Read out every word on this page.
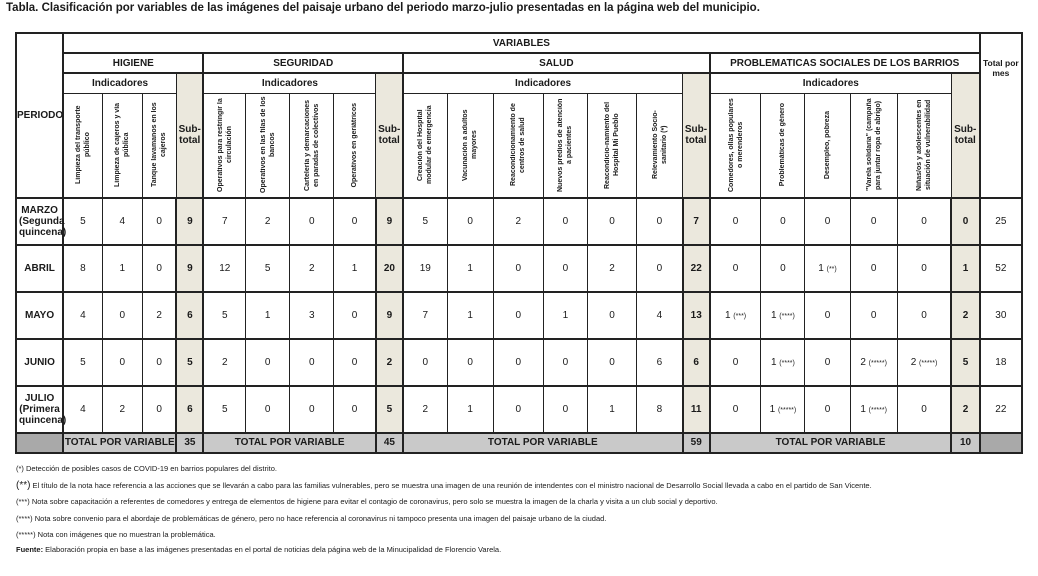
Tabla. Clasificación por variables de las imágenes del paisaje urbano del periodo marzo-julio presentadas en la página web del municipio.
PERIODO	VARIABLES																						Total por mes
	HIGIENE				SEGURIDAD					SALUD							PROBLEMATICAS SOCIALES DE LOS BARRIOS						
	Indicadores			Sub- total	Indicadores				Sub- total	Indicadores						Sub- total	Indicadores					Sub- total	

	Limpieza del transporte público	Limpieza de cajeros y vía pública	Tanque lavamanos en los cajeros		Operativos para restringir la circulación	Operativos en las filas de los bancos	Cartelería y demarcaciones en paradas de colectivos	Operativos en geriátricos		Creación del Hospital modular de emergencia	Vacunación a adultos mayores	Reacondicionamiento de centros de salud	Nuevos predios de atención a pacientes	Reacondicio-namiento del Hospital Mi Pueblo	Relevamiento Socio-sanitario (*)		Comedores, ollas populares o merenderos	Problemáticas de género	Desempleo, pobreza	"Varela solidaria" (campaña para juntar ropa de abrigo)	Niñas/os y adolescentes en situación de vulnerabilidad		

MARZO (Segunda quincena)	5	4	0	9	7	2	0	0	9	5	0	2	0	0	0	7	0	0	0	0	0	0	25
ABRIL	8	1	0	9	12	5	2	1	20	19	1	0	0	2	0	22	0	0	1 (**)	0	0	1	52
MAYO	4	0	2	6	5	1	3	0	9	7	1	0	1	0	4	13	1 (***)	1 (****)	0	0	0	2	30
JUNIO	5	0	0	5	2	0	0	0	2	0	0	0	0	0	6	6	0	1 (****)	0	2 (*****)	2 (*****)	5	18
JULIO (Primera quincena)	4	2	0	6	5	0	0	0	5	2	1	0	0	1	8	11	0	1 (*****)	0	1 (*****)	0	2	22
	TOTAL POR VARIABLE			35	TOTAL POR VARIABLE				45	TOTAL POR VARIABLE						59	TOTAL POR VARIABLE					10	
(*) Detección de posibles casos de COVID-19 en barrios populares del distrito.
(**) El título de la nota hace referencia a las acciones que se llevarán a cabo para las familias vulnerables, pero se muestra una imagen de una reunión de intendentes con el ministro nacional de Desarrollo Social llevada a cabo en el partido de San Vicente.
(***) Nota sobre capacitación a referentes de comedores y entrega de elementos de higiene para evitar el contagio de coronavirus, pero solo se muestra la imagen de la charla y visita a un club social y deportivo.
(****) Nota sobre convenio para el abordaje de problemáticas de género, pero no hace referencia al coronavirus ni tampoco presenta una imagen del paisaje urbano de la ciudad.
(*****) Nota con imágenes que no muestran la problemática.
Fuente: Elaboración propia en base a las imágenes presentadas en el portal de noticias dela página web de la Minucipalidad de Florencio Varela.
